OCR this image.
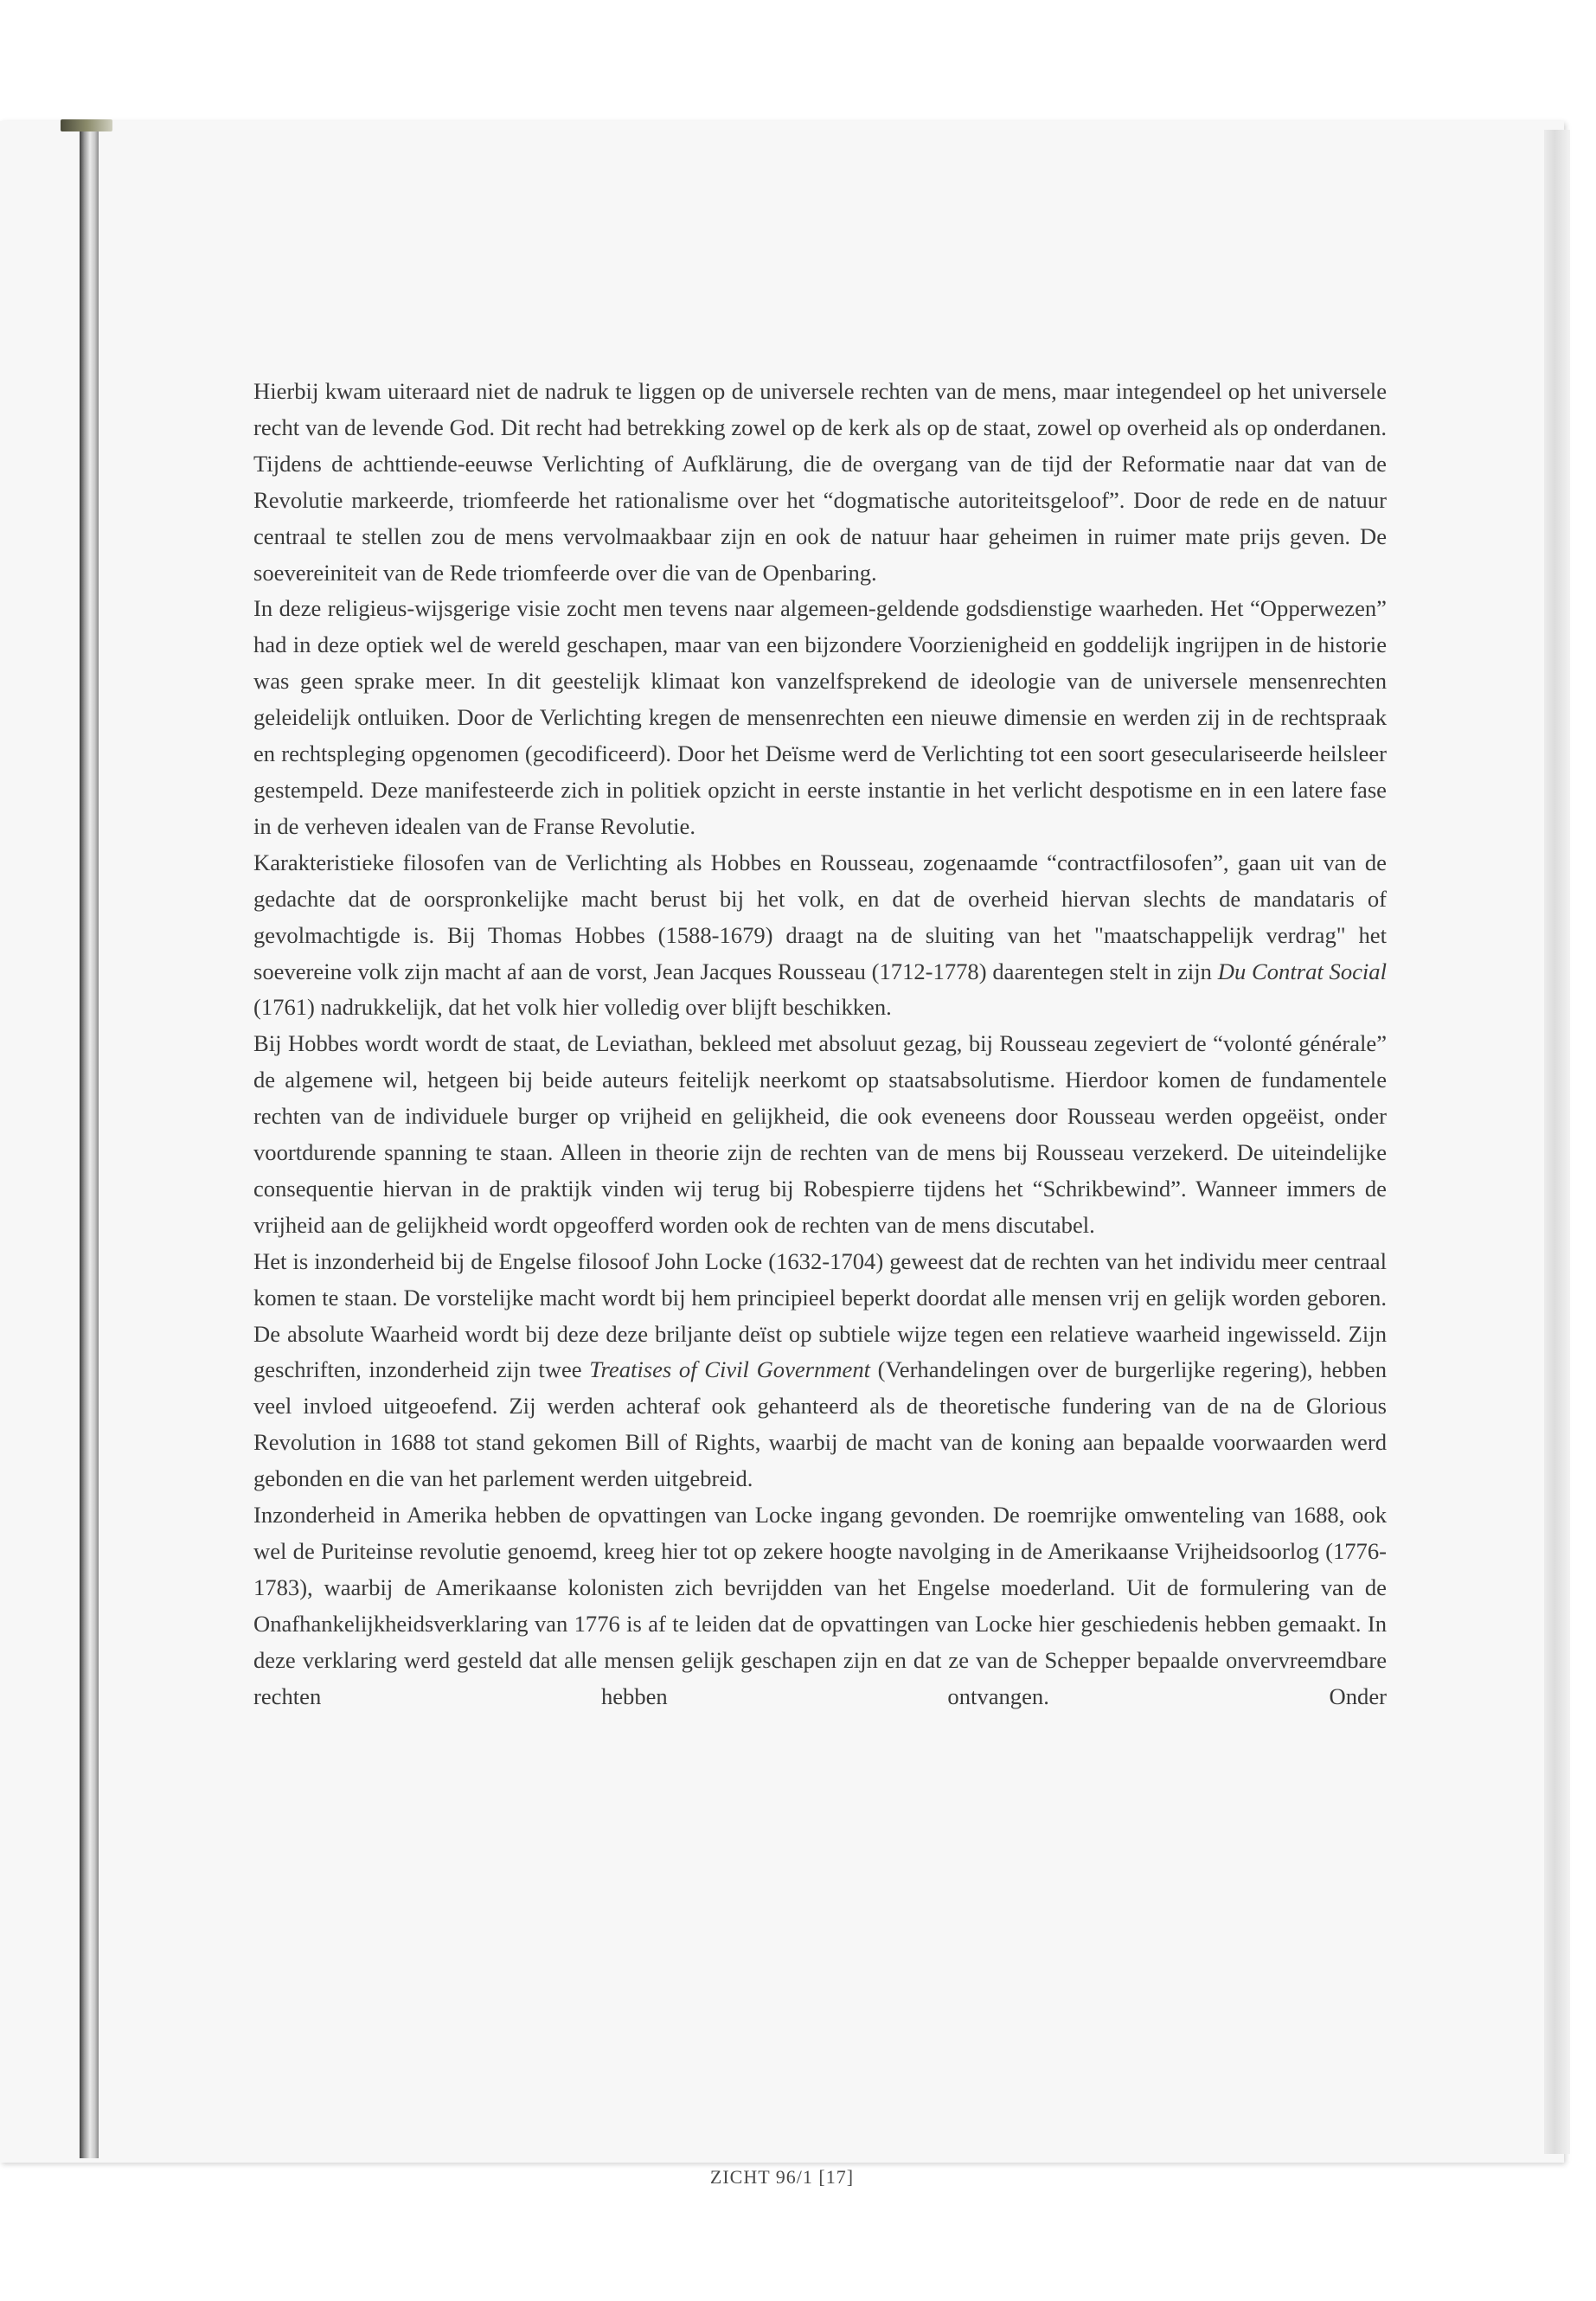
Hierbij kwam uiteraard niet de nadruk te liggen op de universele rechten van de mens, maar integendeel op het universele recht van de levende God. Dit recht had betrekking zowel op de kerk als op de staat, zowel op overheid als op onderdanen. Tijdens de achttiende-eeuwse Verlichting of Aufklärung, die de overgang van de tijd der Reformatie naar dat van de Revolutie markeerde, triomfeerde het rationalisme over het “dogmatische autoriteitsgeloof”. Door de rede en de natuur centraal te stellen zou de mens vervolmaakbaar zijn en ook de natuur haar geheimen in ruimer mate prijs geven. De soevereiniteit van de Rede triomfeerde over die van de Openbaring.

In deze religieus-wijsgerige visie zocht men tevens naar algemeen-geldende godsdienstige waarheden. Het “Opperwezen” had in deze optiek wel de wereld geschapen, maar van een bijzondere Voorzienigheid en goddelijk ingrijpen in de historie was geen sprake meer. In dit geestelijk klimaat kon vanzelfsprekend de ideologie van de universele mensenrechten geleidelijk ontluiken. Door de Verlichting kregen de mensenrechten een nieuwe dimensie en werden zij in de rechtspraak en rechtspleging opgenomen (gecodificeerd). Door het Deïsme werd de Verlichting tot een soort geseculariseerde heilsleer gestempeld. Deze manifesteerde zich in politiek opzicht in eerste instantie in het verlicht despotisme en in een latere fase in de verheven idealen van de Franse Revolutie.

Karakteristieke filosofen van de Verlichting als Hobbes en Rousseau, zogenaamde “contractfilosofen”, gaan uit van de gedachte dat de oorspronkelijke macht berust bij het volk, en dat de overheid hiervan slechts de mandataris of gevolmachtigde is. Bij Thomas Hobbes (1588-1679) draagt na de sluiting van het "maatschappelijk verdrag" het soevereine volk zijn macht af aan de vorst, Jean Jacques Rousseau (1712-1778) daarentegen stelt in zijn Du Contrat Social (1761) nadrukkelijk, dat het volk hier volledig over blijft beschikken.

Bij Hobbes wordt wordt de staat, de Leviathan, bekleed met absoluut gezag, bij Rousseau zegeviert de “volonté générale” de algemene wil, hetgeen bij beide auteurs feitelijk neerkomt op staatsabsolutisme. Hierdoor komen de fundamentele rechten van de individuele burger op vrijheid en gelijkheid, die ook eveneens door Rousseau werden opgeëist, onder voortdurende spanning te staan. Alleen in theorie zijn de rechten van de mens bij Rousseau verzekerd. De uiteindelijke consequentie hiervan in de praktijk vinden wij terug bij Robespierre tijdens het “Schrikbewind”. Wanneer immers de vrijheid aan de gelijkheid wordt opgeofferd worden ook de rechten van de mens discutabel.

Het is inzonderheid bij de Engelse filosoof John Locke (1632-1704) geweest dat de rechten van het individu meer centraal komen te staan. De vorstelijke macht wordt bij hem principieel beperkt doordat alle mensen vrij en gelijk worden geboren. De absolute Waarheid wordt bij deze deze briljante deïst op subtiele wijze tegen een relatieve waarheid ingewisseld. Zijn geschriften, inzonderheid zijn twee Treatises of Civil Government (Verhandelingen over de burgerlijke regering), hebben veel invloed uitgeoefend. Zij werden achteraf ook gehanteerd als de theoretische fundering van de na de Glorious Revolution in 1688 tot stand gekomen Bill of Rights, waarbij de macht van de koning aan bepaalde voorwaarden werd gebonden en die van het parlement werden uitgebreid.

Inzonderheid in Amerika hebben de opvattingen van Locke ingang gevonden. De roemrijke omwenteling van 1688, ook wel de Puriteinse revolutie genoemd, kreeg hier tot op zekere hoogte navolging in de Amerikaanse Vrijheidsoorlog (1776-1783), waarbij de Amerikaanse kolonisten zich bevrijdden van het Engelse moederland. Uit de formulering van de Onafhankelijkheidsverklaring van 1776 is af te leiden dat de opvattingen van Locke hier geschiedenis hebben gemaakt. In deze verklaring werd gesteld dat alle mensen gelijk geschapen zijn en dat ze van de Schepper bepaalde onvervreemdbare rechten hebben ontvangen. Onder

ZICHT 96/1 [17]
